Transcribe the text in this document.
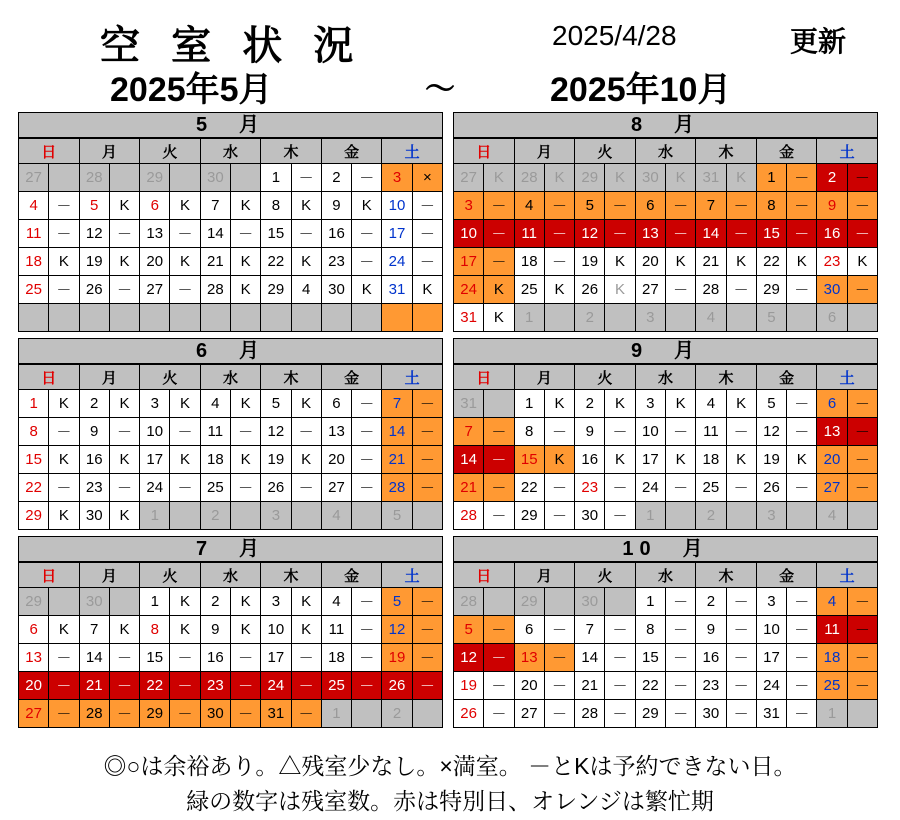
空 室 状 況
2025年5月	～	2025年10月
2025/4/28	更新
5　月
日		月		火		水		木		金		土	
27		28		29		30		1	－	2	－	3	×
4	－	5	K	6	K	7	K	8	K	9	K	10	－
11	－	12	－	13	－	14	－	15	－	16	－	17	－
18	K	19	K	20	K	21	K	22	K	23	－	24	－
25	－	26	－	27	－	28	K	29	4	30	K	31	K

8　月
日		月		火		水		木		金		土	
27	K	28	K	29	K	30	K	31	K	1	－	2	－
3	－	4	－	5	－	6	－	7	－	8	－	9	－
10	－	11	－	12	－	13	－	14	－	15	－	16	－
17	－	18	－	19	K	20	K	21	K	22	K	23	K
24	K	25	K	26	K	27	－	28	－	29	－	30	－
31	K	1		2		3		4		5		6	
6　月
日		月		火		水		木		金		土	
1	K	2	K	3	K	4	K	5	K	6	－	7	－
8	－	9	－	10	－	11	－	12	－	13	－	14	－
15	K	16	K	17	K	18	K	19	K	20	－	21	－
22	－	23	－	24	－	25	－	26	－	27	－	28	－
29	K	30	K	1		2		3		4		5	
9　月
日		月		火		水		木		金		土	
31		1	K	2	K	3	K	4	K	5	－	6	－
7	－	8	－	9	－	10	－	11	－	12	－	13	－
14	－	15	K	16	K	17	K	18	K	19	K	20	－
21	－	22	－	23	－	24	－	25	－	26	－	27	－
28	－	29	－	30	－	1		2		3		4	
7　月
日		月		火		水		木		金		土	
29		30		1	K	2	K	3	K	4	－	5	－
6	K	7	K	8	K	9	K	10	K	11	－	12	－
13	－	14	－	15	－	16	－	17	－	18	－	19	－
20	－	21	－	22	－	23	－	24	－	25	－	26	－
27	－	28	－	29	－	30	－	31	－	1		2	
10　月
日		月		火		水		木		金		土	
28		29		30		1	－	2	－	3	－	4	－
5	－	6	－	7	－	8	－	9	－	10	－	11	－
12	－	13	－	14	－	15	－	16	－	17	－	18	－
19	－	20	－	21	－	22	－	23	－	24	－	25	－
26	－	27	－	28	－	29	－	30	－	31	－	1	
◎○は余裕あり。△残室少なし。×満室。 －とKは予約できない日。
緑の数字は残室数。赤は特別日、オレンジは繁忙期
